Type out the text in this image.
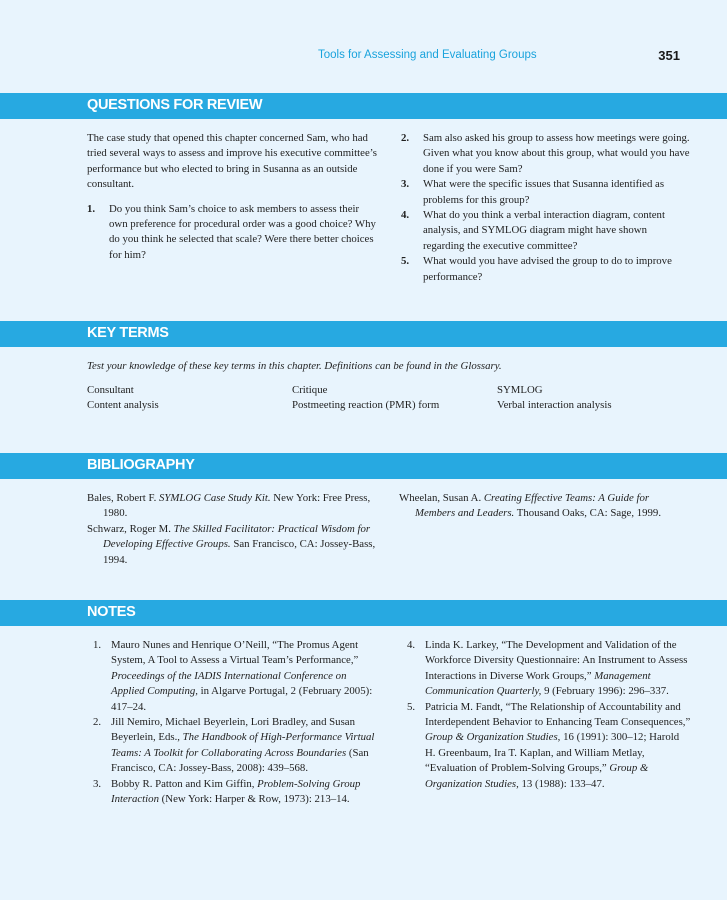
Tools for Assessing and Evaluating Groups	351
QUESTIONS FOR REVIEW
The case study that opened this chapter concerned Sam, who had tried several ways to assess and improve his executive committee’s performance but who elected to bring in Susanna as an outside consultant.
1. Do you think Sam’s choice to ask members to assess their own preference for procedural order was a good choice? Why do you think he selected that scale? Were there better choices for him?
2. Sam also asked his group to assess how meetings were going. Given what you know about this group, what would you have done if you were Sam?
3. What were the specific issues that Susanna identified as problems for this group?
4. What do you think a verbal interaction diagram, content analysis, and SYMLOG diagram might have shown regarding the executive committee?
5. What would you have advised the group to do to improve performance?
KEY TERMS
Test your knowledge of these key terms in this chapter. Definitions can be found in the Glossary.
Consultant
Content analysis
Critique
Postmeeting reaction (PMR) form
SYMLOG
Verbal interaction analysis
BIBLIOGRAPHY
Bales, Robert F. SYMLOG Case Study Kit. New York: Free Press, 1980.
Schwarz, Roger M. The Skilled Facilitator: Practical Wisdom for Developing Effective Groups. San Francisco, CA: Jossey-Bass, 1994.
Wheelan, Susan A. Creating Effective Teams: A Guide for Members and Leaders. Thousand Oaks, CA: Sage, 1999.
NOTES
1. Mauro Nunes and Henrique O’Neill, “The Promus Agent System, A Tool to Assess a Virtual Team’s Performance,” Proceedings of the IADIS International Conference on Applied Computing, in Algarve Portugal, 2 (February 2005): 417–24.
2. Jill Nemiro, Michael Beyerlein, Lori Bradley, and Susan Beyerlein, Eds., The Handbook of High-Performance Virtual Teams: A Toolkit for Collaborating Across Boundaries (San Francisco, CA: Jossey-Bass, 2008): 439–568.
3. Bobby R. Patton and Kim Giffin, Problem-Solving Group Interaction (New York: Harper & Row, 1973): 213–14.
4. Linda K. Larkey, “The Development and Validation of the Workforce Diversity Questionnaire: An Instrument to Assess Interactions in Diverse Work Groups,” Management Communication Quarterly, 9 (February 1996): 296–337.
5. Patricia M. Fandt, “The Relationship of Accountability and Interdependent Behavior to Enhancing Team Consequences,” Group & Organization Studies, 16 (1991): 300–12; Harold H. Greenbaum, Ira T. Kaplan, and William Metlay, “Evaluation of Problem-Solving Groups,” Group & Organization Studies, 13 (1988): 133–47.
